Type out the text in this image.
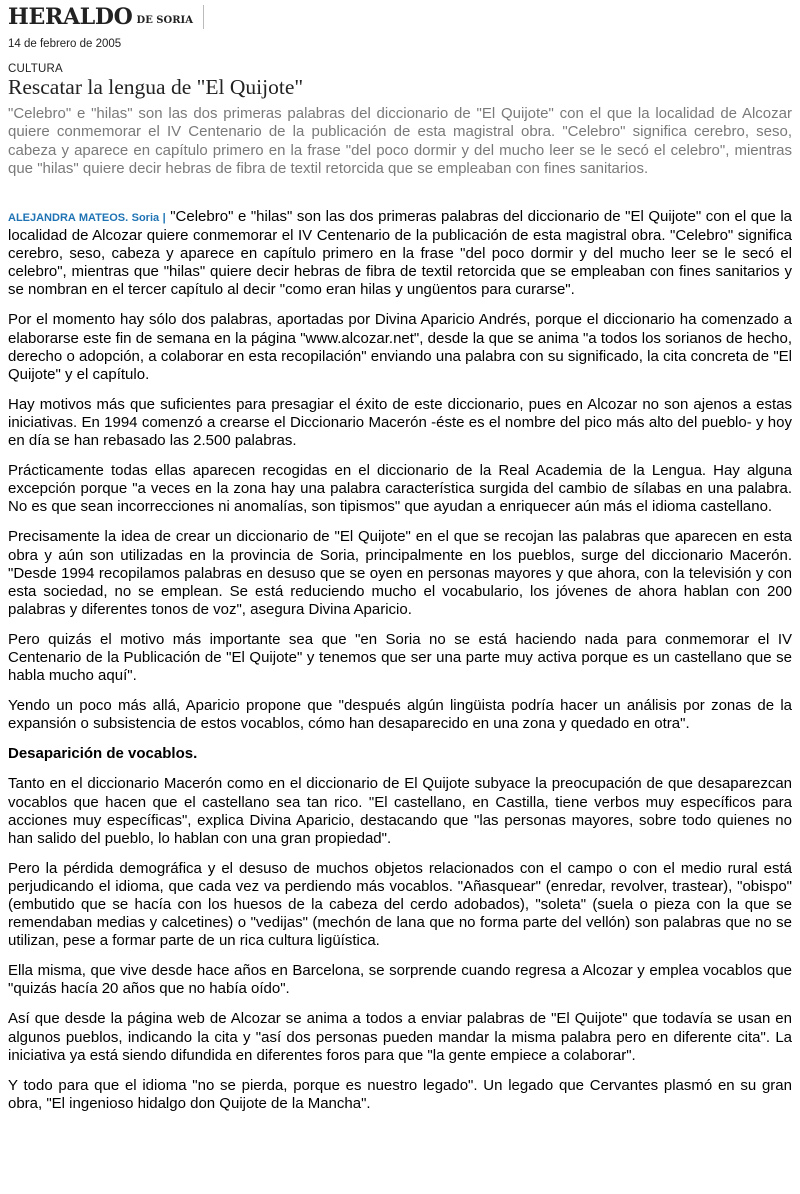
HERALDO DE SORIA
14 de febrero de 2005
CULTURA
Rescatar la lengua de "El Quijote"

"Celebro" e "hilas" son las dos primeras palabras del diccionario de "El Quijote" con el que la localidad de Alcozar quiere conmemorar el IV Centenario de la publicación de esta magistral obra. "Celebro" significa cerebro, seso, cabeza y aparece en capítulo primero en la frase "del poco dormir y del mucho leer se le secó el celebro", mientras que "hilas" quiere decir hebras de fibra de textil retorcida que se empleaban con fines sanitarios.

ALEJANDRA MATEOS. Soria | "Celebro" e "hilas" son las dos primeras palabras del diccionario de "El Quijote" con el que la localidad de Alcozar quiere conmemorar el IV Centenario de la publicación de esta magistral obra. "Celebro" significa cerebro, seso, cabeza y aparece en capítulo primero en la frase "del poco dormir y del mucho leer se le secó el celebro", mientras que "hilas" quiere decir hebras de fibra de textil retorcida que se empleaban con fines sanitarios y se nombran en el tercer capítulo al decir "como eran hilas y ungüentos para curarse".

Por el momento hay sólo dos palabras, aportadas por Divina Aparicio Andrés, porque el diccionario ha comenzado a elaborarse este fin de semana en la página "www.alcozar.net", desde la que se anima "a todos los sorianos de hecho, derecho o adopción, a colaborar en esta recopilación" enviando una palabra con su significado, la cita concreta de "El Quijote" y el capítulo.

Hay motivos más que suficientes para presagiar el éxito de este diccionario, pues en Alcozar no son ajenos a estas iniciativas. En 1994 comenzó a crearse el Diccionario Macerón -éste es el nombre del pico más alto del pueblo- y hoy en día se han rebasado las 2.500 palabras.

Prácticamente todas ellas aparecen recogidas en el diccionario de la Real Academia de la Lengua. Hay alguna excepción porque "a veces en la zona hay una palabra característica surgida del cambio de sílabas en una palabra. No es que sean incorrecciones ni anomalías, son tipismos" que ayudan a enriquecer aún más el idioma castellano.

Precisamente la idea de crear un diccionario de "El Quijote" en el que se recojan las palabras que aparecen en esta obra y aún son utilizadas en la provincia de Soria, principalmente en los pueblos, surge del diccionario Macerón. "Desde 1994 recopilamos palabras en desuso que se oyen en personas mayores y que ahora, con la televisión y con esta sociedad, no se emplean. Se está reduciendo mucho el vocabulario, los jóvenes de ahora hablan con 200 palabras y diferentes tonos de voz", asegura Divina Aparicio.

Pero quizás el motivo más importante sea que "en Soria no se está haciendo nada para conmemorar el IV Centenario de la Publicación de "El Quijote" y tenemos que ser una parte muy activa porque es un castellano que se habla mucho aquí".

Yendo un poco más allá, Aparicio propone que "después algún lingüista podría hacer un análisis por zonas de la expansión o subsistencia de estos vocablos, cómo han desaparecido en una zona y quedado en otra".

Desaparición de vocablos.

Tanto en el diccionario Macerón como en el diccionario de El Quijote subyace la preocupación de que desaparezcan vocablos que hacen que el castellano sea tan rico. "El castellano, en Castilla, tiene verbos muy específicos para acciones muy específicas", explica Divina Aparicio, destacando que "las personas mayores, sobre todo quienes no han salido del pueblo, lo hablan con una gran propiedad".

Pero la pérdida demográfica y el desuso de muchos objetos relacionados con el campo o con el medio rural está perjudicando el idioma, que cada vez va perdiendo más vocablos. "Añasquear" (enredar, revolver, trastear), "obispo" (embutido que se hacía con los huesos de la cabeza del cerdo adobados), "soleta" (suela o pieza con la que se remendaban medias y calcetines) o "vedijas" (mechón de lana que no forma parte del vellón) son palabras que no se utilizan, pese a formar parte de un rica cultura ligüística.

Ella misma, que vive desde hace años en Barcelona, se sorprende cuando regresa a Alcozar y emplea vocablos que "quizás hacía 20 años que no había oído".

Así que desde la página web de Alcozar se anima a todos a enviar palabras de "El Quijote" que todavía se usan en algunos pueblos, indicando la cita y "así dos personas pueden mandar la misma palabra pero en diferente cita". La iniciativa ya está siendo difundida en diferentes foros para que "la gente empiece a colaborar".

Y todo para que el idioma "no se pierda, porque es nuestro legado". Un legado que Cervantes plasmó en su gran obra, "El ingenioso hidalgo don Quijote de la Mancha".
